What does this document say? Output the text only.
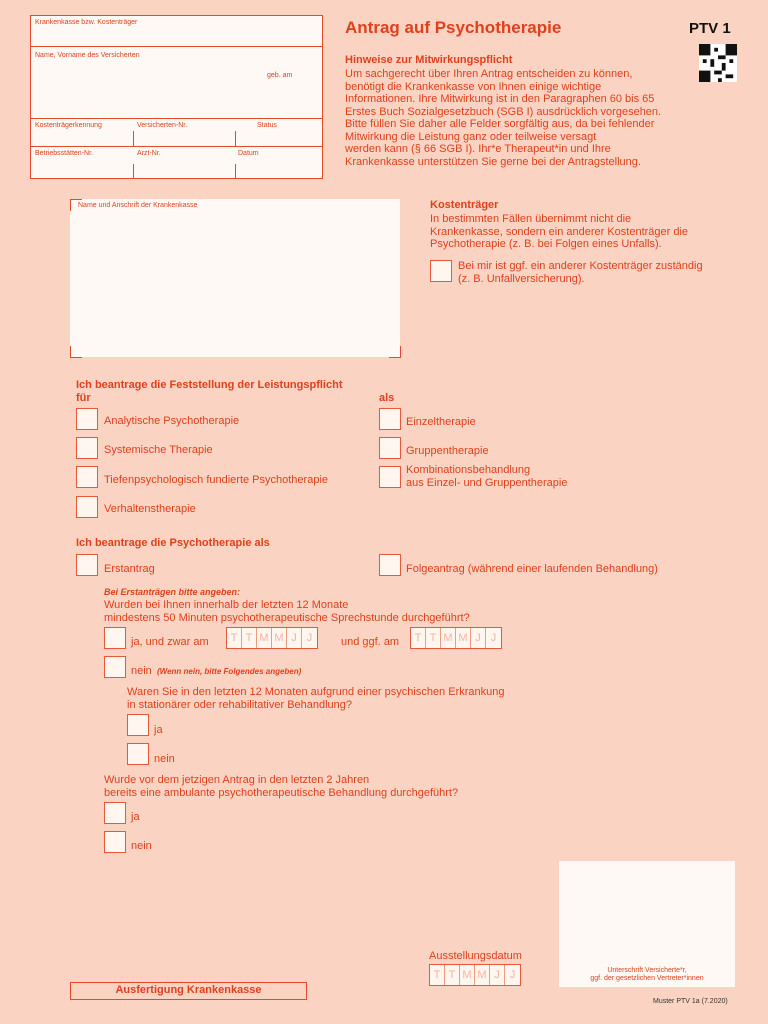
Krankenkasse bzw. Kostenträger
Name, Vorname des Versicherten
geb. am
Kostenträgerkennung	Versicherten-Nr.	Status
Betriebsstätten-Nr.	Arzt-Nr.	Datum
Antrag auf Psychotherapie	PTV 1
Hinweise zur Mitwirkungspflicht
Um sachgerecht über Ihren Antrag entscheiden zu können,
benötigt die Krankenkasse von Ihnen einige wichtige
Informationen. Ihre Mitwirkung ist in den Paragraphen 60 bis 65
Erstes Buch Sozialgesetzbuch (SGB I) ausdrücklich vorgesehen.
Bitte füllen Sie daher alle Felder sorgfältig aus, da bei fehlender
Mitwirkung die Leistung ganz oder teilweise versagt
werden kann (§ 66 SGB I). Ihr*e Therapeut*in und Ihre
Krankenkasse unterstützen Sie gerne bei der Antragstellung.
Name und Anschrift der Krankenkasse	Kostenträger
In bestimmten Fällen übernimmt nicht die
Krankenkasse, sondern ein anderer Kostenträger die
Psychotherapie (z. B. bei Folgen eines Unfalls).
Bei mir ist ggf. ein anderer Kostenträger zuständig
(z. B. Unfallversicherung).
Ich beantrage die Feststellung der Leistungspflicht
für	als
Analytische Psychotherapie
Systemische Therapie
Tiefenpsychologisch fundierte Psychotherapie
Verhaltenstherapie
Einzeltherapie
Gruppentherapie
Kombinationsbehandlung
aus Einzel- und Gruppentherapie
Ich beantrage die Psychotherapie als
Erstantrag	Folgeantrag (während einer laufenden Behandlung)
Bei Erstanträgen bitte angeben:
Wurden bei Ihnen innerhalb der letzten 12 Monate
mindestens 50 Minuten psychotherapeutische Sprechstunde durchgeführt?
ja, und zwar am	T T M M J J	und ggf. am	T T M M J J
nein (Wenn nein, bitte Folgendes angeben)
Waren Sie in den letzten 12 Monaten aufgrund einer psychischen Erkrankung
in stationärer oder rehabilitativer Behandlung?
ja
nein
Wurde vor dem jetzigen Antrag in den letzten 2 Jahren
bereits eine ambulante psychotherapeutische Behandlung durchgeführt?
ja
nein
Unterschrift Versicherte*r,
ggf. der gesetzlichen Vertreter*innen
Ausstellungsdatum
T T M M J J
Ausfertigung Krankenkasse
Muster PTV 1a (7.2020)
